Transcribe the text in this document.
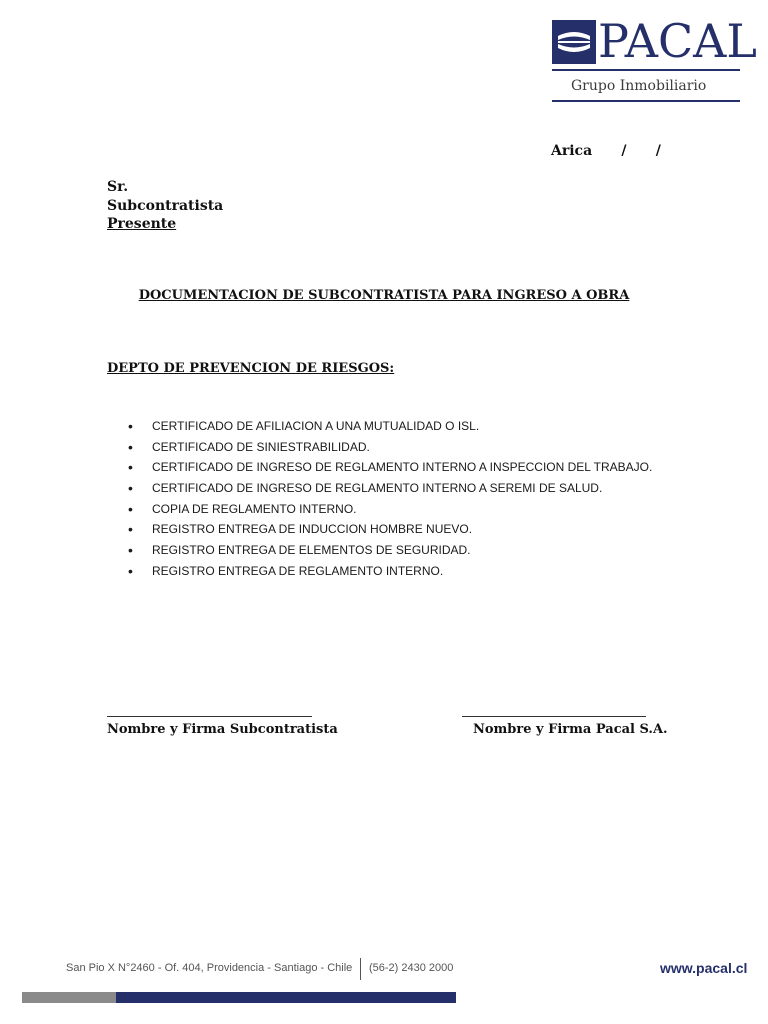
PACAL
Grupo Inmobiliario
Arica      /      /
Sr.
Subcontratista
Presente
DOCUMENTACION DE SUBCONTRATISTA PARA INGRESO A OBRA
DEPTO DE PREVENCION DE RIESGOS:
• CERTIFICADO DE AFILIACION A UNA MUTUALIDAD O ISL.
• CERTIFICADO DE SINIESTRABILIDAD.
• CERTIFICADO DE INGRESO DE REGLAMENTO INTERNO A INSPECCION DEL TRABAJO.
• CERTIFICADO DE INGRESO DE REGLAMENTO INTERNO A SEREMI DE SALUD.
• COPIA DE REGLAMENTO INTERNO.
• REGISTRO ENTREGA DE INDUCCION HOMBRE NUEVO.
• REGISTRO ENTREGA DE ELEMENTOS DE SEGURIDAD.
• REGISTRO ENTREGA DE REGLAMENTO INTERNO.
Nombre y Firma Subcontratista	Nombre y Firma Pacal S.A.
San Pio X N°2460 - Of. 404, Providencia - Santiago - Chile (56-2) 2430 2000	www.pacal.cl
